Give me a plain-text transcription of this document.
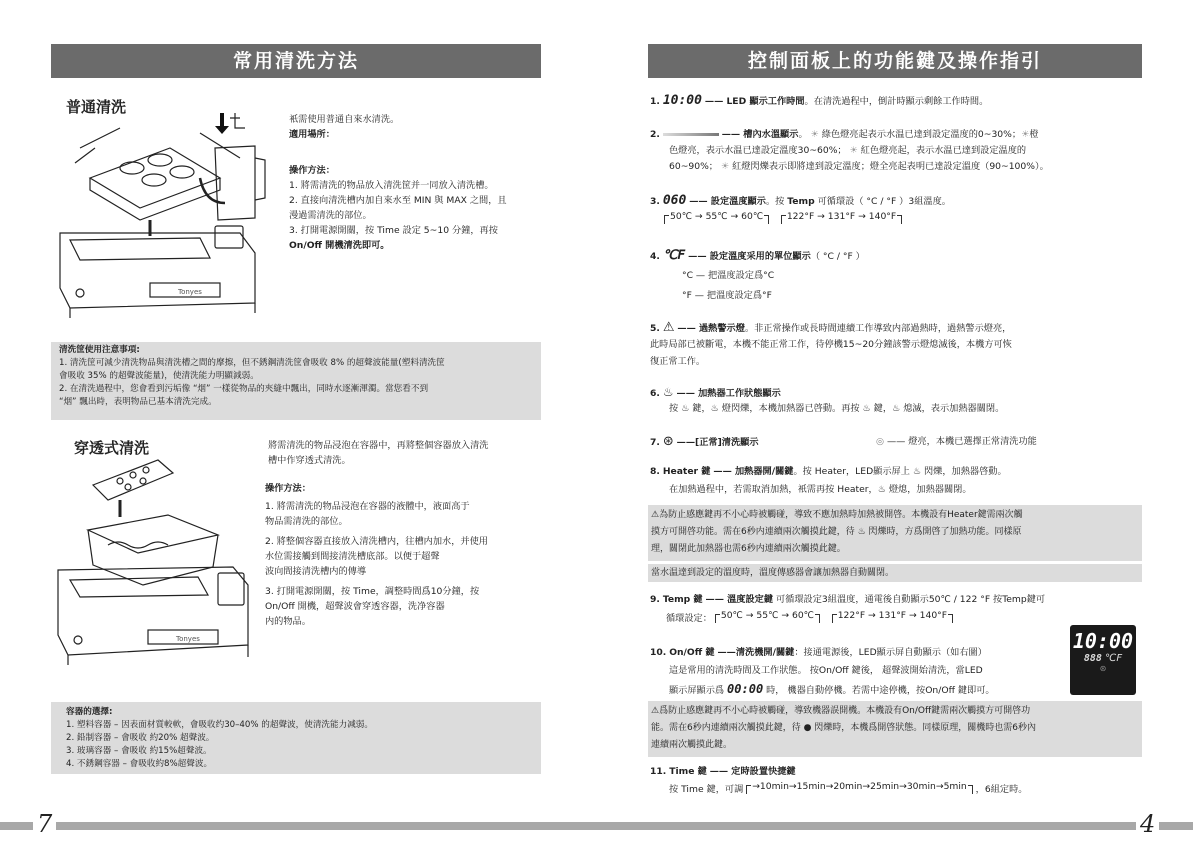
常用清洗方法
普通清洗
Tonyes
衹需使用普通自來水清洗。
適用場所：
操作方法：
1. 將需清洗的物品放入清洗筐并一同放入清洗槽。
2. 直接向清洗槽内加自來水至 MIN 與 MAX 之間，且
漫過需清洗的部位。
3. 打開電源開關，按 Time 設定 5~10 分鐘，再按
On/Off 開機清洗即可。
清洗筐使用注意事項:
1. 清洗筐可減少清洗物品與清洗槽之間的摩擦，但不銹鋼清洗筐會吸收 8% 的超聲波能量(塑料清洗筐
會吸收 35% 的超聲波能量)，使清洗能力明顯減弱。
2. 在清洗過程中，您會看到污垢像 “烟” 一樣從物品的夾縫中飄出，同時水逐漸渾濁。當您看不到
“烟” 飄出時，表明物品已基本清洗完成。
穿透式清洗
Tonyes
將需清洗的物品浸泡在容器中，再將整個容器放入清洗
槽中作穿透式清洗。
操作方法：
1. 將需清洗的物品浸泡在容器的液體中，液面高于
物品需清洗的部位。
2. 將整個容器直接放入清洗槽内，往槽内加水，并使用
水位需接觸到間接清洗槽底部。以便于超聲
波向間接清洗槽内的傳導
3. 打開電源開關，按 Time，調整時間爲10分鐘，按
On/Off 開機，超聲波會穿透容器，洗净容器
内的物品。
容器的選擇:
1. 塑料容器 – 因表面材質較軟，會吸收约30–40% 的超聲波，使清洗能力减弱。
2. 鉛制容器 – 會吸收 約20% 超聲波。
3. 玻璃容器 – 會吸收 約15%超聲波。
4. 不銹鋼容器 – 會吸收約8%超聲波。
7	4
控制面板上的功能鍵及操作指引
1. 10:00 —— LED 顯示工作時間。在清洗過程中，倒計時顯示剩餘工作時間。
2.	—— 槽內水溫顯示。 ☀ 綠色燈亮起表示水温已達到設定溫度的0~30%；☀橙
色燈亮，表示水温已達設定溫度30~60%； ☀ 紅色燈亮起，表示水温已達到設定温度的
60~90%； ☀ 紅燈閃爍表示即將達到設定溫度；燈全亮起表明已達設定溫度（90~100%）。
3. 060 —— 設定溫度顯示。按 Temp 可循環設（ °C / °F ）3組溫度。
50℃ → 55℃ → 60℃	122°F → 131°F → 140°F
4. ℃F —— 設定溫度采用的單位顯示（ °C / °F ）
°C — 把溫度設定爲°C
°F — 把溫度設定爲°F
5. ⚠ —— 過熱警示燈。非正常操作或長時間連續工作導致内部過熱時，過熱警示燈亮，
此時局部已被斷電，本機不能正常工作，待停機15~20分鐘該警示燈熄滅後，本機方可恢
復正常工作。
6. ♨ —— 加熱器工作狀態顯示
按 ♨ 鍵，♨ 燈閃爍，本機加熱器已啓動。再按 ♨ 鍵，♨ 熄滅，表示加熱器關閉。
7. ⊛ ——[正常]清洗顯示	◎ —— 燈亮，本機已選擇正常清洗功能
8. Heater 鍵 —— 加熱器開/關鍵。按 Heater，LED顯示屏上 ♨ 閃爍，加熱器啓動。
在加熱過程中，若需取消加熱，衹需再按 Heater，♨ 燈熄，加熱器關閉。
⚠為防止感應鍵再不小心時被觸碰，導致不應加熱時加熱被開啓。本機設有Heater鍵需兩次觸
摸方可開啓功能。需在6秒内連續兩次觸摸此鍵，待 ♨ 閃爍時，方爲開啓了加熱功能。同樣原
理，關閉此加熱器也需6秒内連續兩次觸摸此鍵。
當水温達到設定的溫度時，溫度傳感器會讓加熱器自動關閉。
9. Temp 鍵 —— 溫度設定鍵 可循環設定3組溫度，通電後自動顯示50℃ / 122 °F 按Temp鍵可
循環設定： 50℃ → 55℃ → 60℃	122°F → 131°F → 140°F
10. On/Off 鍵 ——清洗機開/關鍵：接通電源後，LED顯示屏自動顯示（如右圖）
這是常用的清洗時間及工作狀態。 按On/Off 鍵後， 超聲波開始清洗，當LED
顯示屏顯示爲 00:00 時， 機器自動停機。若需中途停機，按On/Off 鍵即可。
10:00
888 ℃F
⊛
⚠爲防止感應鍵再不小心時被觸碰，導致機器誤開機。本機設有On/Off鍵需兩次觸摸方可開啓功
能。需在6秒内連續兩次觸摸此鍵，待 ● 閃爍時，本機爲開啓狀態。同樣原理，關機時也需6秒內
連續兩次觸摸此鍵。
11. Time 鍵 —— 定時設置快捷鍵
按 Time 鍵，可調 →10min→15min→20min→25min→30min→5min ，6組定時。
